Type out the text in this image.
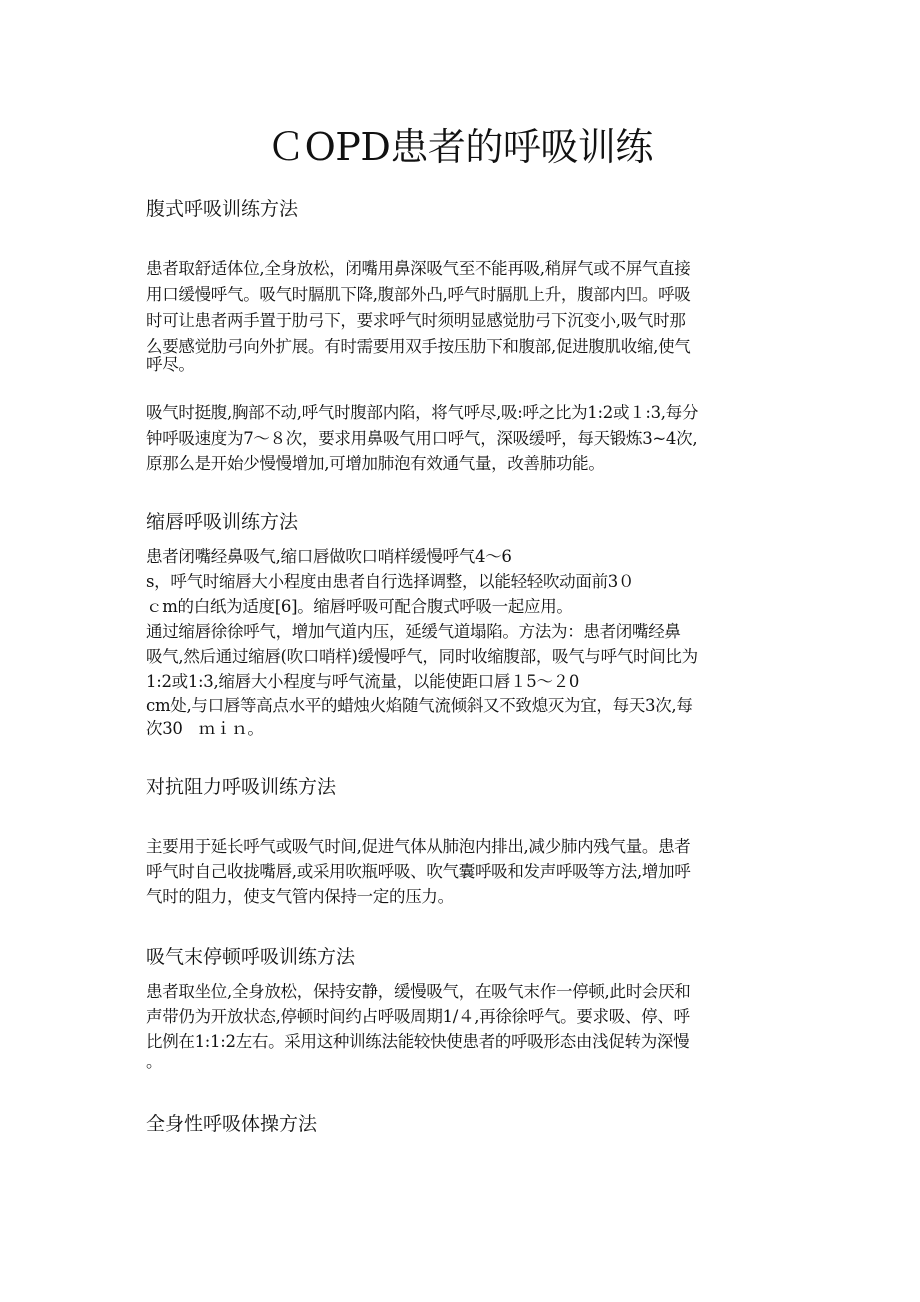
ＣOPD患者的呼吸训练
腹式呼吸训练方法
患者取舒适体位,全身放松，闭嘴用鼻深吸气至不能再吸,稍屏气或不屏气直接
用口缓慢呼气。吸气时膈肌下降,腹部外凸,呼气时膈肌上升，腹部内凹。呼吸
时可让患者两手置于肋弓下，要求呼气时须明显感觉肋弓下沉变小,吸气时那
么要感觉肋弓向外扩展。有时需要用双手按压肋下和腹部,促进腹肌收缩,使气
呼尽。
吸气时挺腹,胸部不动,呼气时腹部内陷，将气呼尽,吸:呼之比为1:2或１:3,每分
钟呼吸速度为7～８次，要求用鼻吸气用口呼气，深吸缓呼，每天锻炼3~4次,
原那么是开始少慢慢增加,可增加肺泡有效通气量，改善肺功能。
缩唇呼吸训练方法
患者闭嘴经鼻吸气,缩口唇做吹口哨样缓慢呼气4～6
s，呼气时缩唇大小程度由患者自行选择调整，以能轻轻吹动面前3０
ｃm的白纸为适度[6]。缩唇呼吸可配合腹式呼吸一起应用。
通过缩唇徐徐呼气，增加气道内压，延缓气道塌陷。方法为：患者闭嘴经鼻
吸气,然后通过缩唇(吹口哨样)缓慢呼气，同时收缩腹部，吸气与呼气时间比为
1:2或1:3,缩唇大小程度与呼气流量，以能使距口唇１5～２0
cm处,与口唇等高点水平的蜡烛火焰随气流倾斜又不致熄灭为宜，每天3次,每
次30　ｍｉｎ。
对抗阻力呼吸训练方法
主要用于延长呼气或吸气时间,促进气体从肺泡内排出,减少肺内残气量。患者
呼气时自己收拢嘴唇,或采用吹瓶呼吸、吹气囊呼吸和发声呼吸等方法,增加呼
气时的阻力，使支气管内保持一定的压力。
吸气末停顿呼吸训练方法
患者取坐位,全身放松，保持安静，缓慢吸气，在吸气末作一停顿,此时会厌和
声带仍为开放状态,停顿时间约占呼吸周期1/４,再徐徐呼气。要求吸、停、呼
比例在1:1:2左右。采用这种训练法能较快使患者的呼吸形态由浅促转为深慢
。
全身性呼吸体操方法
